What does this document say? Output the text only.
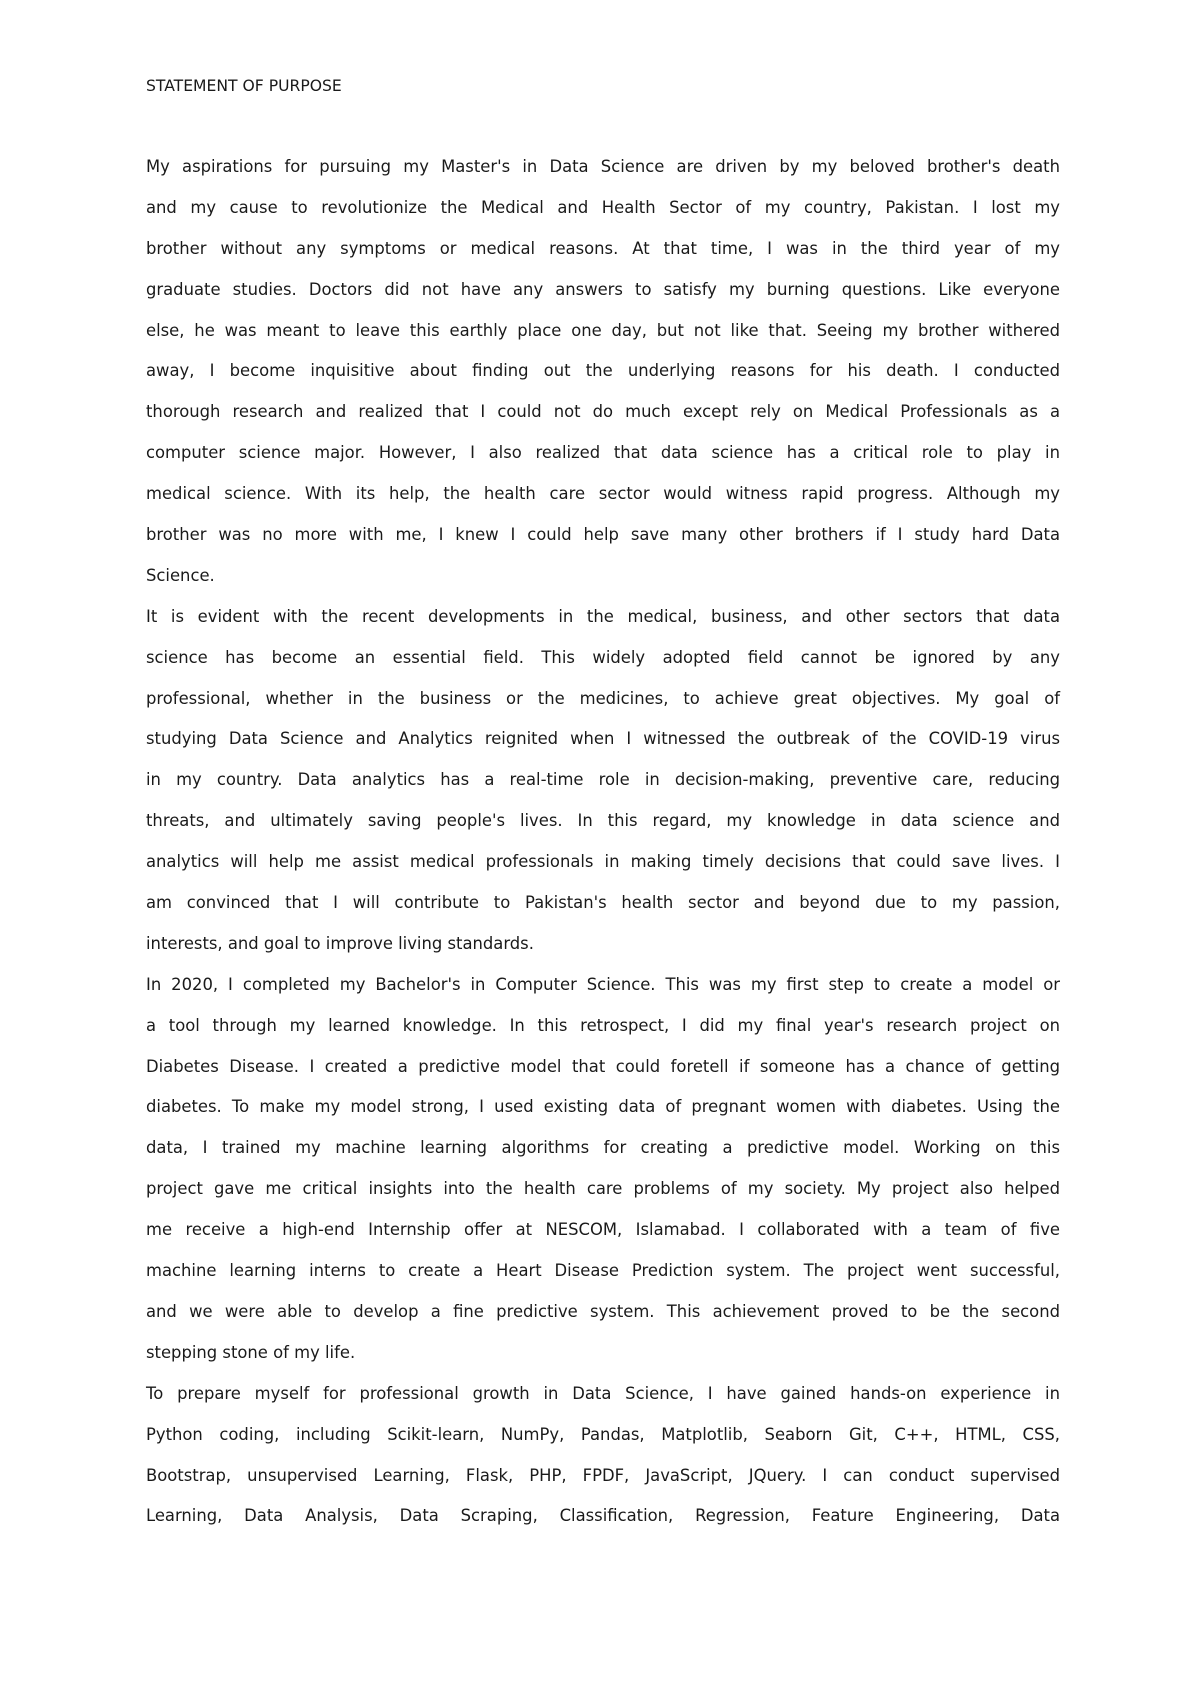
STATEMENT OF PURPOSE
My aspirations for pursuing my Master's in Data Science are driven by my beloved brother's death
and my cause to revolutionize the Medical and Health Sector of my country, Pakistan. I lost my
brother without any symptoms or medical reasons. At that time, I was in the third year of my
graduate studies. Doctors did not have any answers to satisfy my burning questions. Like everyone
else, he was meant to leave this earthly place one day, but not like that. Seeing my brother withered
away, I become inquisitive about finding out the underlying reasons for his death. I conducted
thorough research and realized that I could not do much except rely on Medical Professionals as a
computer science major. However, I also realized that data science has a critical role to play in
medical science. With its help, the health care sector would witness rapid progress. Although my
brother was no more with me, I knew I could help save many other brothers if I study hard Data
Science.
It is evident with the recent developments in the medical, business, and other sectors that data
science has become an essential field. This widely adopted field cannot be ignored by any
professional, whether in the business or the medicines, to achieve great objectives. My goal of
studying Data Science and Analytics reignited when I witnessed the outbreak of the COVID-19 virus
in my country. Data analytics has a real-time role in decision-making, preventive care, reducing
threats, and ultimately saving people's lives. In this regard, my knowledge in data science and
analytics will help me assist medical professionals in making timely decisions that could save lives. I
am convinced that I will contribute to Pakistan's health sector and beyond due to my passion,
interests, and goal to improve living standards.
In 2020, I completed my Bachelor's in Computer Science. This was my first step to create a model or
a tool through my learned knowledge. In this retrospect, I did my final year's research project on
Diabetes Disease. I created a predictive model that could foretell if someone has a chance of getting
diabetes. To make my model strong, I used existing data of pregnant women with diabetes. Using the
data, I trained my machine learning algorithms for creating a predictive model. Working on this
project gave me critical insights into the health care problems of my society. My project also helped
me receive a high-end Internship offer at NESCOM, Islamabad. I collaborated with a team of five
machine learning interns to create a Heart Disease Prediction system. The project went successful,
and we were able to develop a fine predictive system. This achievement proved to be the second
stepping stone of my life.
To prepare myself for professional growth in Data Science, I have gained hands-on experience in
Python coding, including Scikit-learn, NumPy, Pandas, Matplotlib, Seaborn Git, C++, HTML, CSS,
Bootstrap, unsupervised Learning, Flask, PHP, FPDF, JavaScript, JQuery. I can conduct supervised
Learning, Data Analysis, Data Scraping, Classification, Regression, Feature Engineering, Data
